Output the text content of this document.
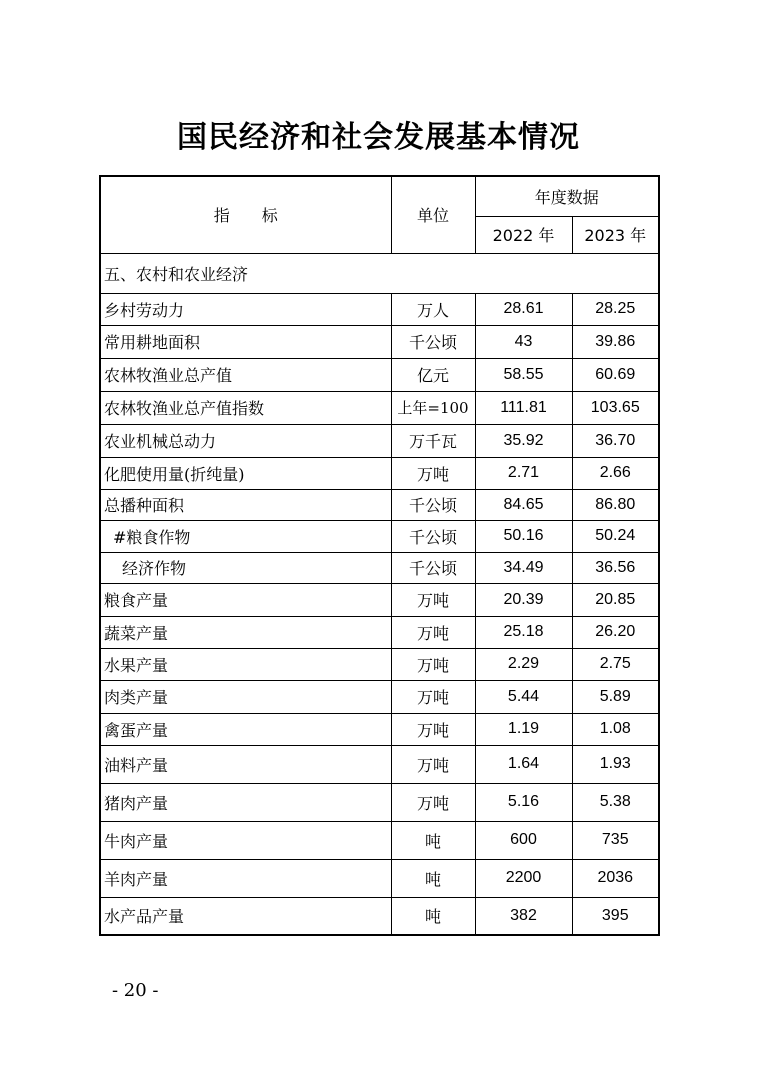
国民经济和社会发展基本情况
指　　标	单位	年度数据	
		2022 年	2023 年
五、农村和农业经济			
乡村劳动力	万人	28.61	28.25
常用耕地面积	千公顷	43	39.86
农林牧渔业总产值	亿元	58.55	60.69
农林牧渔业总产值指数	上年=100	111.81	103.65
农业机械总动力	万千瓦	35.92	36.70
化肥使用量(折纯量)	万吨	2.71	2.66
总播种面积	千公顷	84.65	86.80
#粮食作物	千公顷	50.16	50.24
经济作物	千公顷	34.49	36.56
粮食产量	万吨	20.39	20.85
蔬菜产量	万吨	25.18	26.20
水果产量	万吨	2.29	2.75
肉类产量	万吨	5.44	5.89
禽蛋产量	万吨	1.19	1.08
油料产量	万吨	1.64	1.93
猪肉产量	万吨	5.16	5.38
牛肉产量	吨	600	735
羊肉产量	吨	2200	2036
水产品产量	吨	382	395
- 20 -
